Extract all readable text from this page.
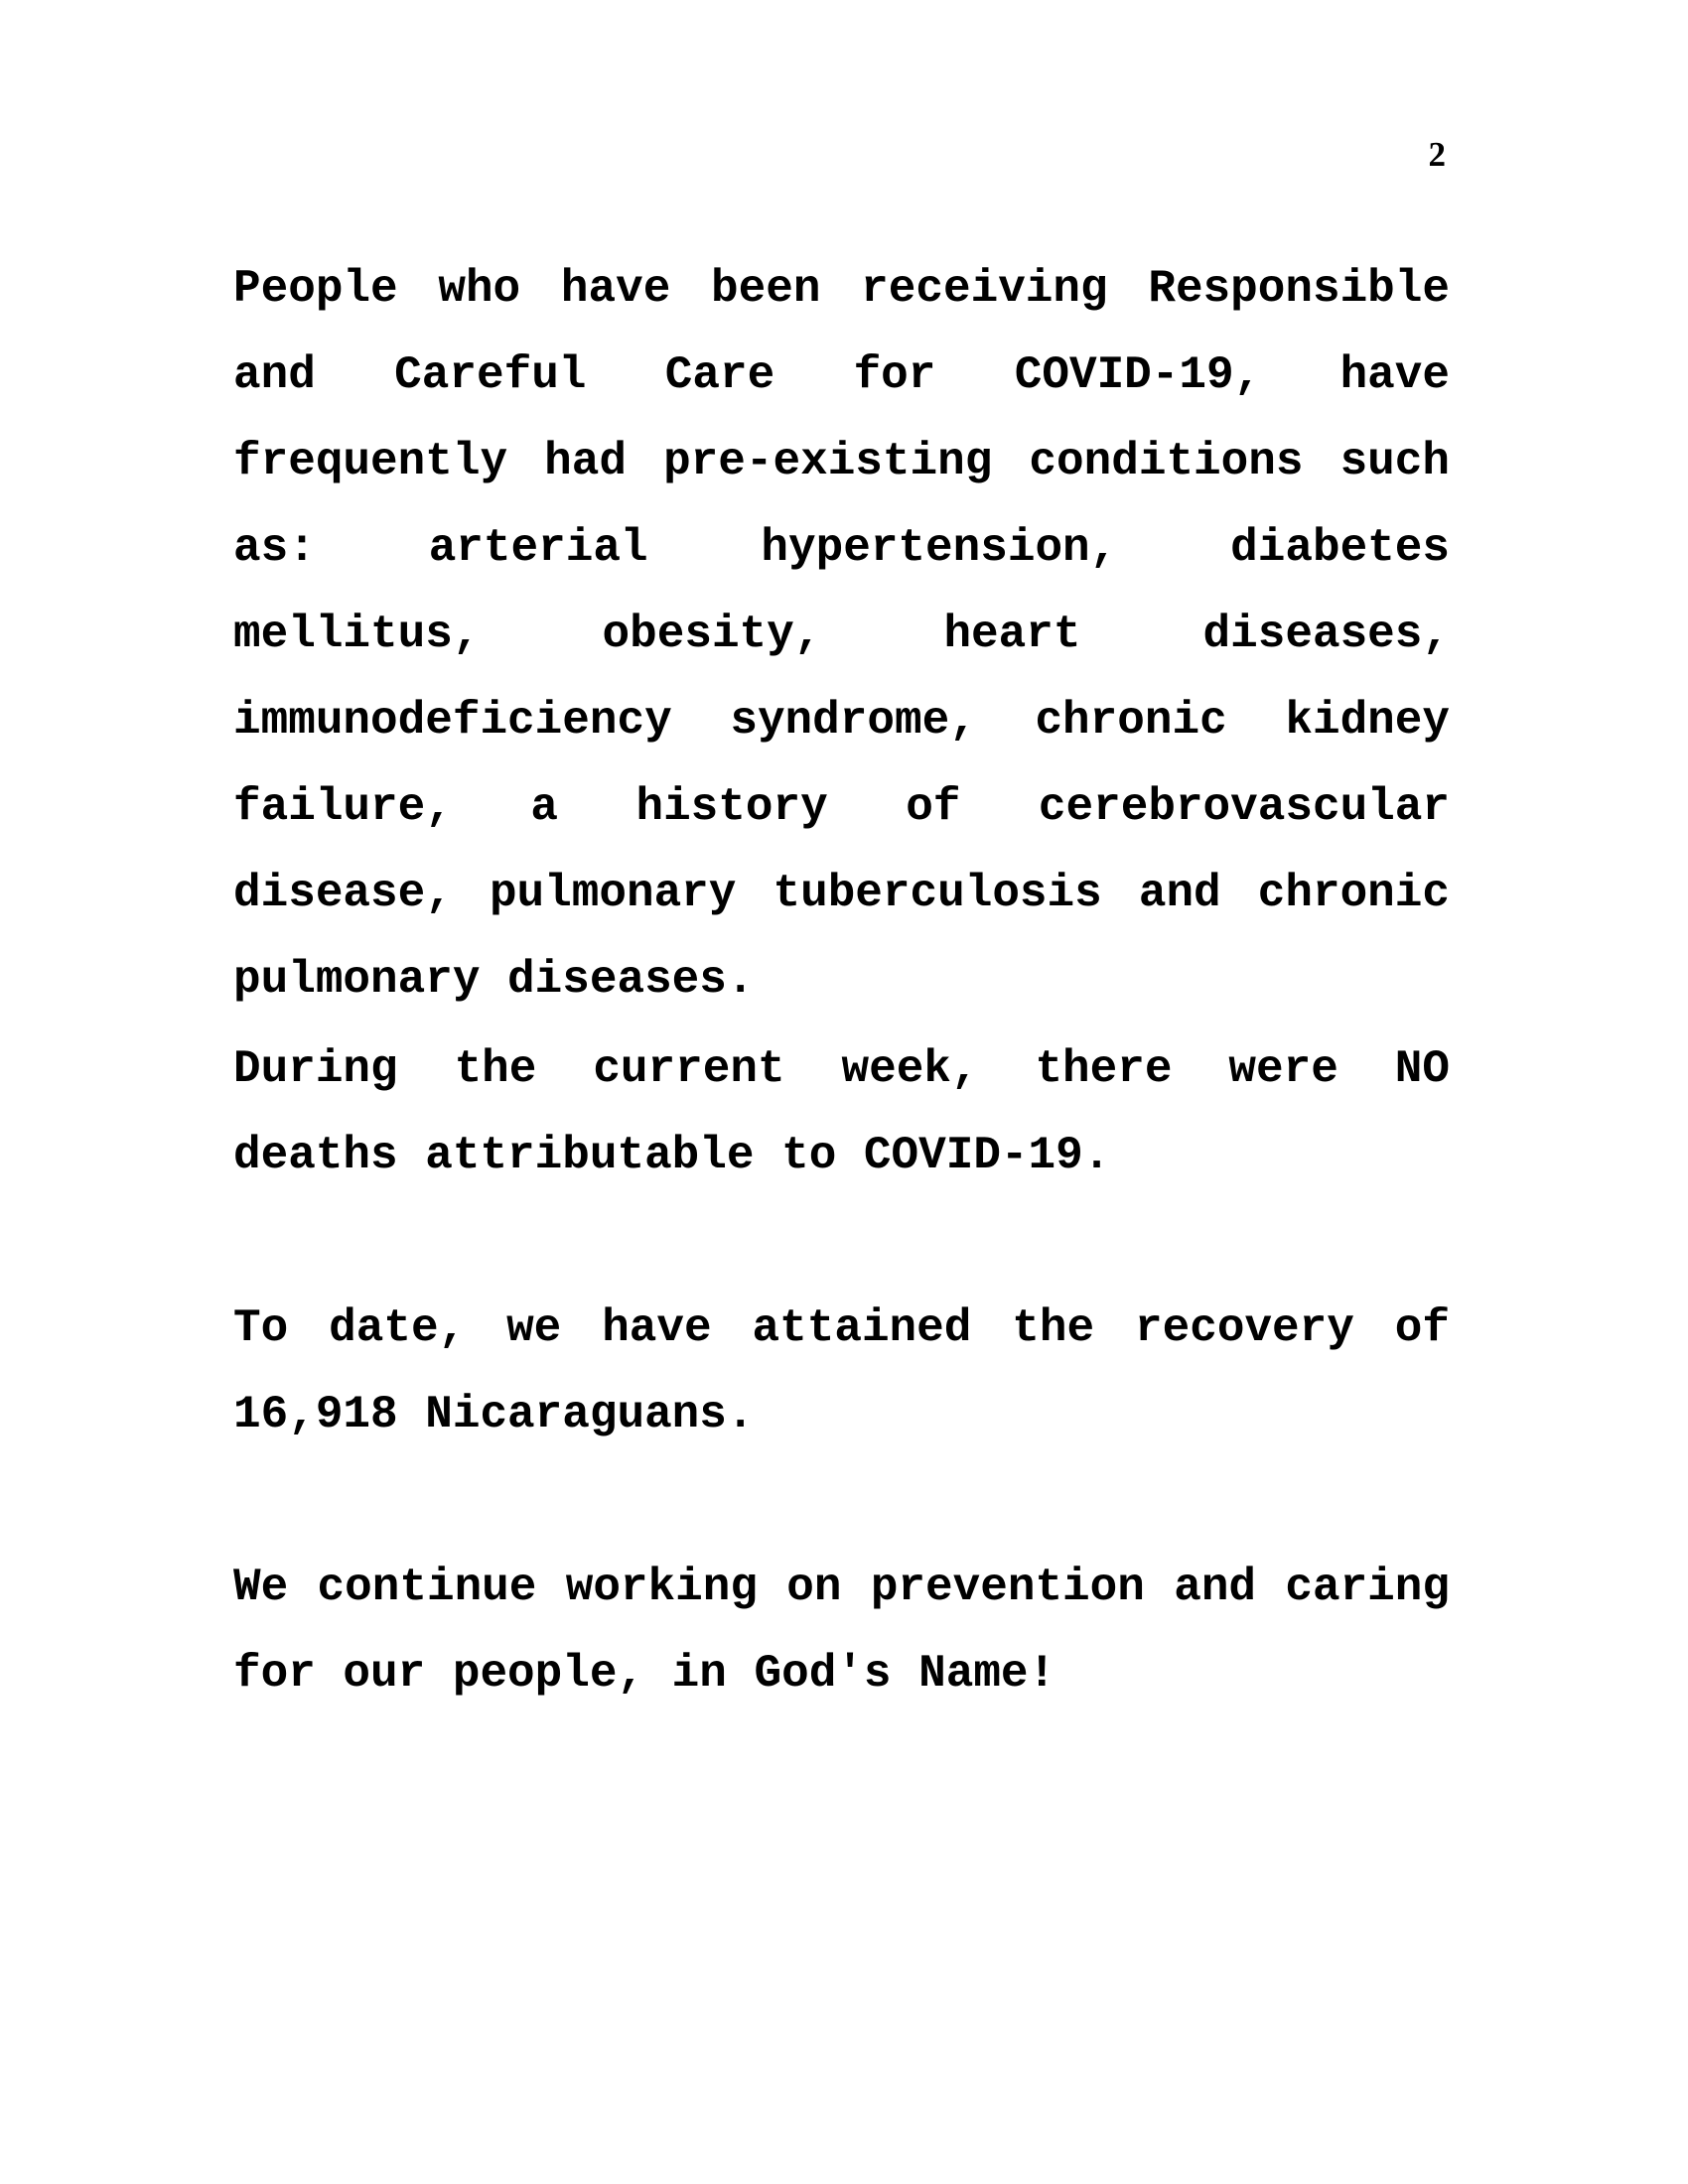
2

People who have been receiving Responsible and Careful Care for COVID-19, have frequently had pre-existing conditions such as: arterial hypertension, diabetes mellitus, obesity, heart diseases, immunodeficiency syndrome, chronic kidney failure, a history of cerebrovascular disease, pulmonary tuberculosis and chronic pulmonary diseases.

During the current week, there were NO deaths attributable to COVID-19.

To date, we have attained the recovery of 16,918 Nicaraguans.

We continue working on prevention and caring for our people, in God's Name!
